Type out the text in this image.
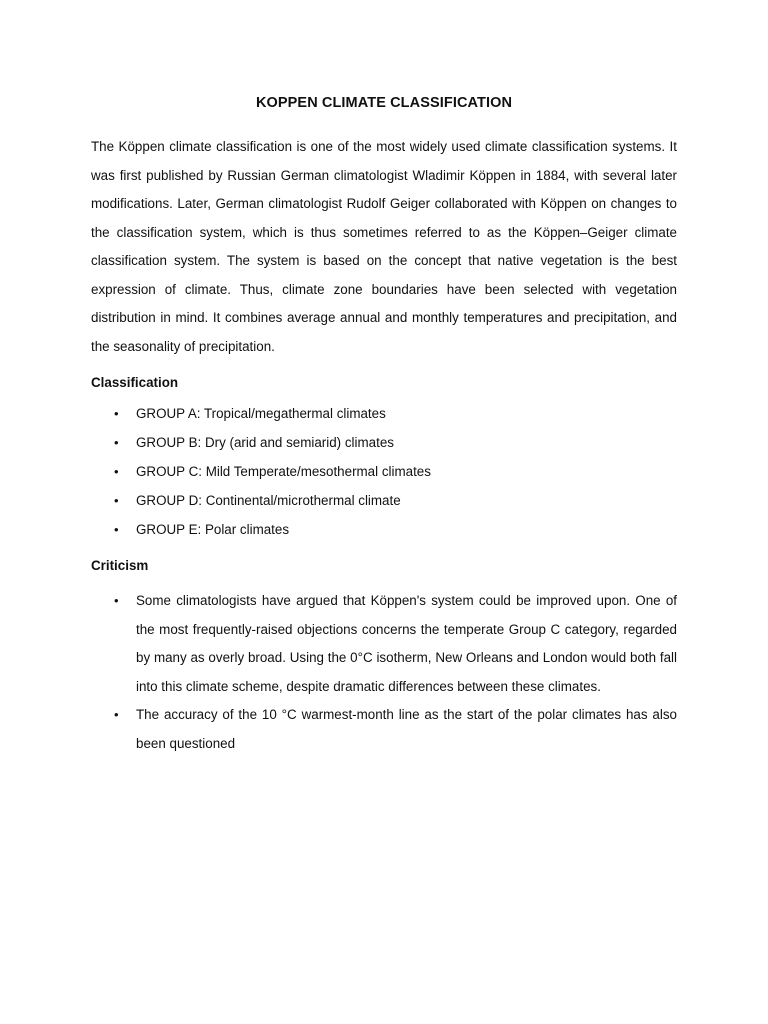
KOPPEN CLIMATE CLASSIFICATION

The Köppen climate classification is one of the most widely used climate classification systems. It was first published by Russian German climatologist Wladimir Köppen in 1884, with several later modifications. Later, German climatologist Rudolf Geiger collaborated with Köppen on changes to the classification system, which is thus sometimes referred to as the Köppen–Geiger climate classification system. The system is based on the concept that native vegetation is the best expression of climate. Thus, climate zone boundaries have been selected with vegetation distribution in mind. It combines average annual and monthly temperatures and precipitation, and the seasonality of precipitation.

Classification
• GROUP A: Tropical/megathermal climates
• GROUP B: Dry (arid and semiarid) climates
• GROUP C: Mild Temperate/mesothermal climates
• GROUP D: Continental/microthermal climate
• GROUP E: Polar climates
Criticism
• Some climatologists have argued that Köppen's system could be improved upon. One of the most frequently-raised objections concerns the temperate Group C category, regarded by many as overly broad. Using the 0°C isotherm, New Orleans and London would both fall into this climate scheme, despite dramatic differences between these climates.
• The accuracy of the 10 °C warmest-month line as the start of the polar climates has also been questioned
